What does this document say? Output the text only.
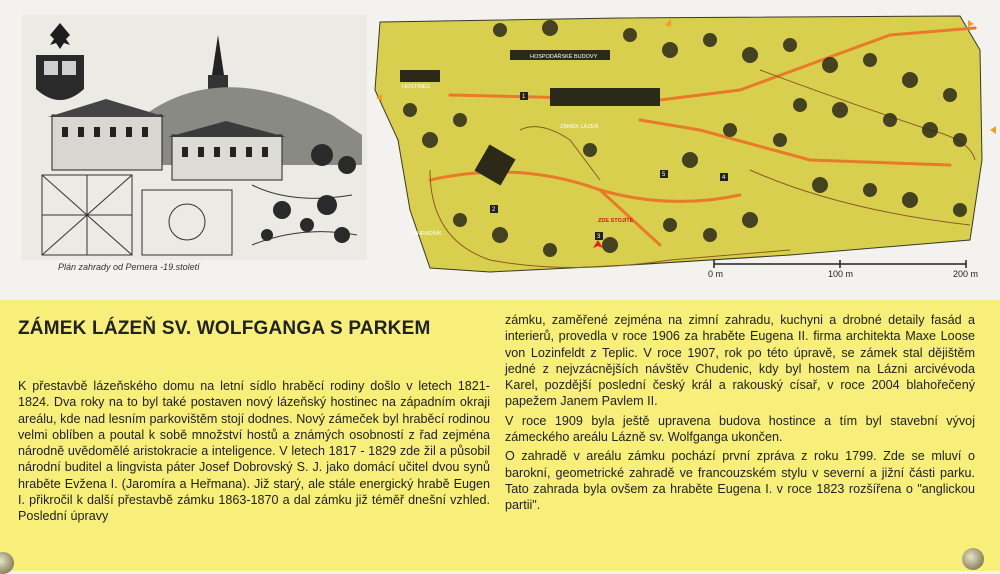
Plán zahrady od Pernera -19.století
HOSPODÁŘSKÉ BUDOVY
HOSTINEC
ZÁMEK LÁZEŇ
ZAHRADNÍK
ZDE STOJÍTE
1
2
3
4
5
0 m	100 m	200 m
ZÁMEK LÁZEŇ SV. WOLFGANGA S PARKEM

K přestavbě lázeňského domu na letní sídlo hraběcí rodiny došlo v letech 1821-1824. Dva roky na to byl také postaven nový lázeňský hostinec na západním okraji areálu, kde nad lesním parkovištěm stojí dodnes. Nový zámeček byl hraběcí rodinou velmi oblíben a poutal k sobě množství hostů a známých osobností z řad zejména národně uvědomělé aristokracie a inteligence. V letech 1817 - 1829 zde žil a působil národní buditel a lingvista páter Josef Dobrovský S. J. jako domácí učitel dvou synů hraběte Evžena I. (Jaromíra a Heřmana). Již starý, ale stále energický hrabě Eugen I. přikročil k další přestavbě zámku 1863-1870 a dal zámku již téměř dnešní vzhled. Poslední úpravy

zámku, zaměřené zejména na zimní zahradu, kuchyni a drobné detaily fasád a interierů, provedla v roce 1906 za hraběte Eugena II. firma architekta Maxe Loose von Lozinfeldt z Teplic. V roce 1907, rok po této úpravě, se zámek stal dějištěm jedné z nejvzácnějších návštěv Chudenic, kdy byl hostem na Lázni arcivévoda Karel, pozdější poslední český král a rakouský císař, v roce 2004 blahořečený papežem Janem Pavlem II.

V roce 1909 byla ještě upravena budova hostince a tím byl stavební vývoj zámeckého areálu Lázně sv. Wolfganga ukončen.

O zahradě v areálu zámku pochází první zpráva z roku 1799. Zde se mluví o barokní, geometrické zahradě ve francouzském stylu v severní a jižní části parku. Tato zahrada byla ovšem za hraběte Eugena I. v roce 1823 rozšířena o "anglickou partii".
